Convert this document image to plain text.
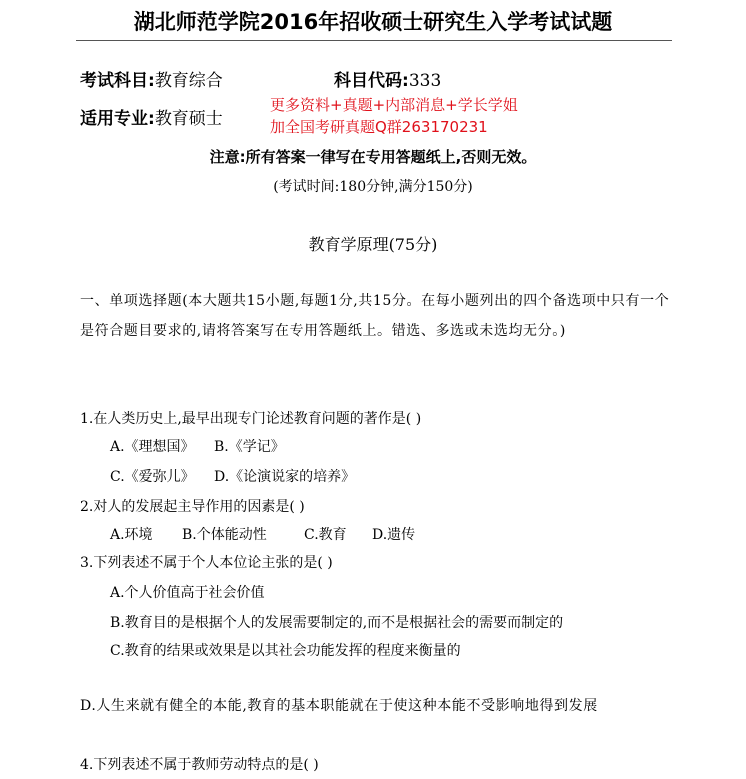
湖北师范学院2016年招收硕士研究生入学考试试题
考试科目:教育综合	科目代码:333
适用专业:教育硕士
更多资料+真题+内部消息+学长学姐
加全国考研真题Q群263170231
注意:所有答案一律写在专用答题纸上,否则无效。
(考试时间:180分钟,满分150分)
教育学原理(75分)
一、单项选择题(本大题共15小题,每题1分,共15分。在每小题列出的四个备选项中只有一个是符合题目要求的,请将答案写在专用答题纸上。错选、多选或未选均无分。)
1.在人类历史上,最早出现专门论述教育问题的著作是( )
A.《理想国》 B.《学记》
C.《爱弥儿》 D.《论演说家的培养》
2.对人的发展起主导作用的因素是( )
A.环境 B.个体能动性	C.教育 D.遗传
3.下列表述不属于个人本位论主张的是( )
A.个人价值高于社会价值
B.教育目的是根据个人的发展需要制定的,而不是根据社会的需要而制定的
C.教育的结果或效果是以其社会功能发挥的程度来衡量的
D.人生来就有健全的本能,教育的基本职能就在于使这种本能不受影响地得到发展
4.下列表述不属于教师劳动特点的是( )
